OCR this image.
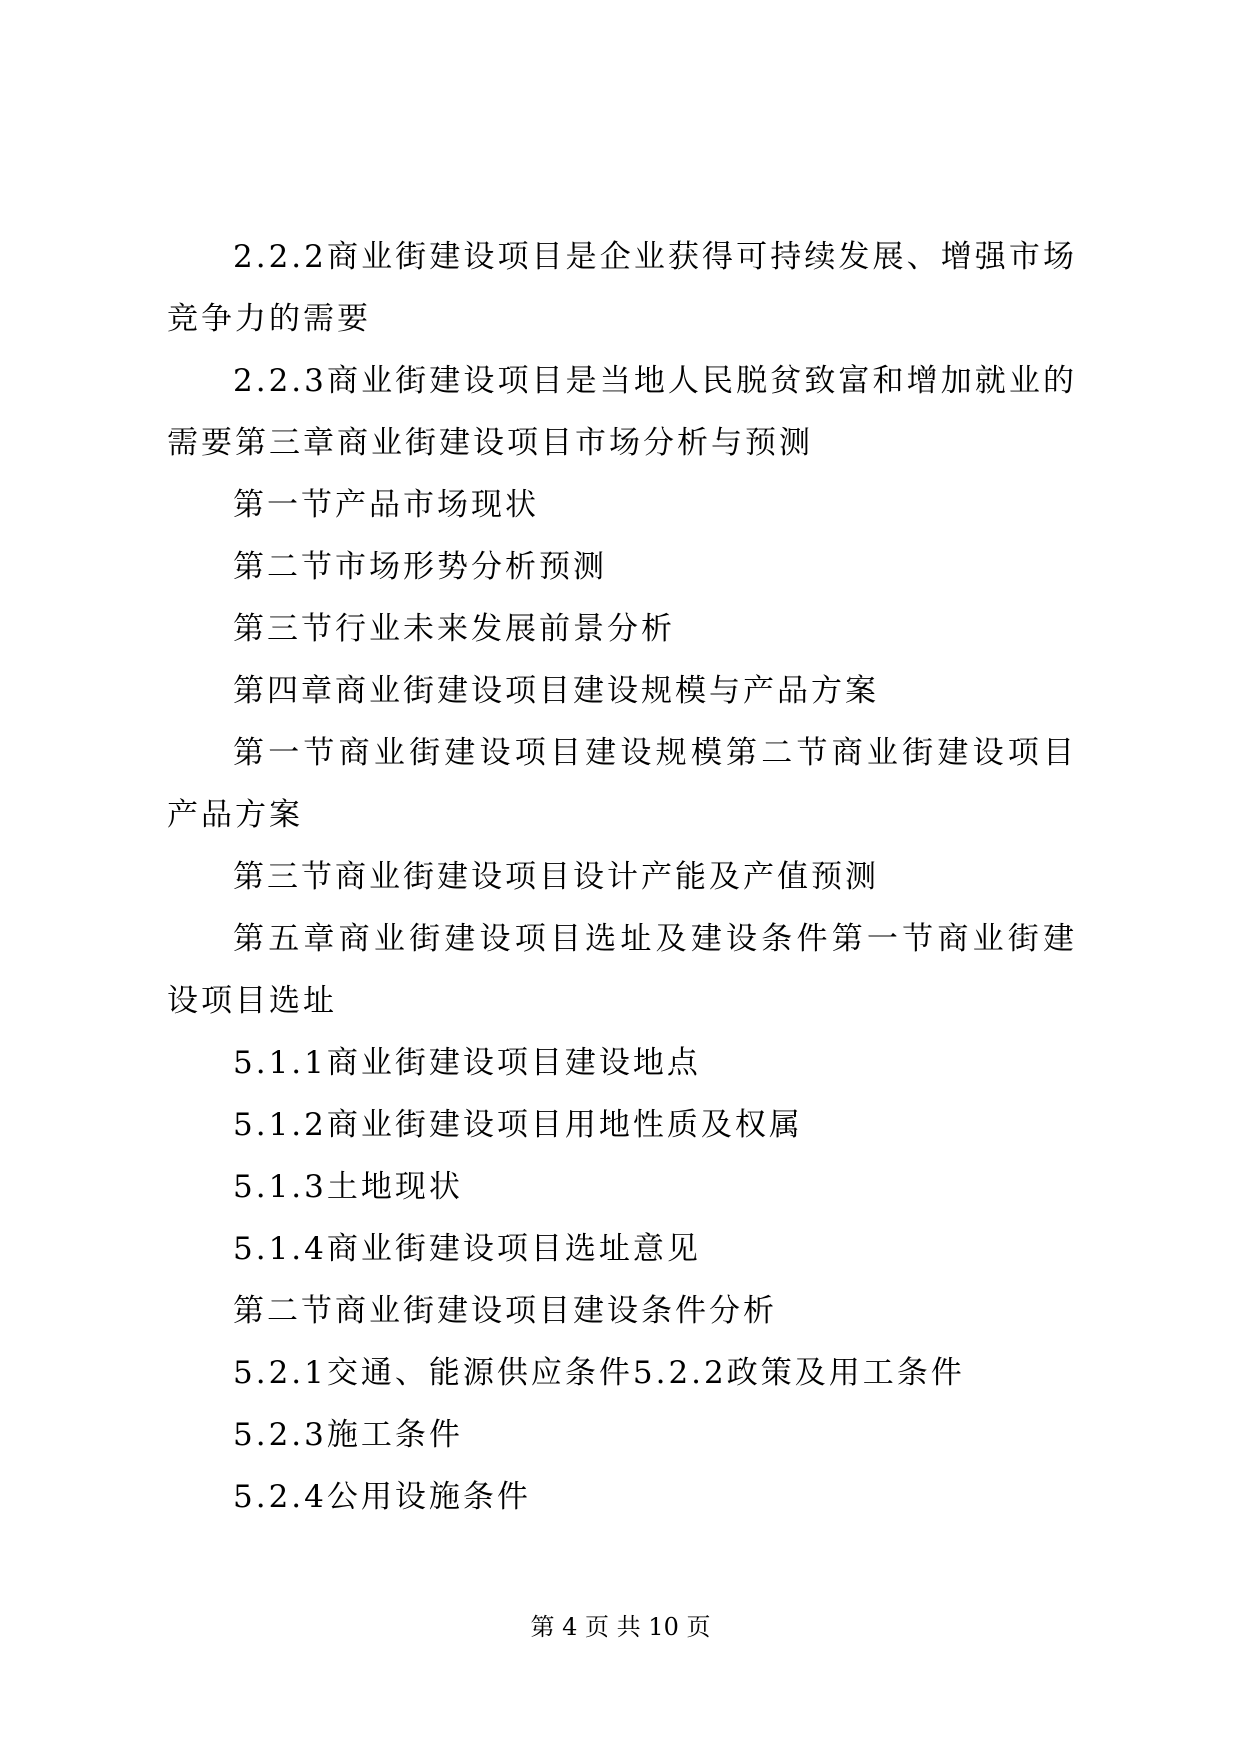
2.2.2商业街建设项目是企业获得可持续发展、增强市场竞争力的需要

2.2.3商业街建设项目是当地人民脱贫致富和增加就业的需要第三章商业街建设项目市场分析与预测

第一节产品市场现状

第二节市场形势分析预测

第三节行业未来发展前景分析

第四章商业街建设项目建设规模与产品方案

第一节商业街建设项目建设规模第二节商业街建设项目产品方案

第三节商业街建设项目设计产能及产值预测

第五章商业街建设项目选址及建设条件第一节商业街建设项目选址

5.1.1商业街建设项目建设地点

5.1.2商业街建设项目用地性质及权属

5.1.3土地现状

5.1.4商业街建设项目选址意见

第二节商业街建设项目建设条件分析

5.2.1交通、能源供应条件5.2.2政策及用工条件

5.2.3施工条件

5.2.4公用设施条件

第 4 页 共 10 页
